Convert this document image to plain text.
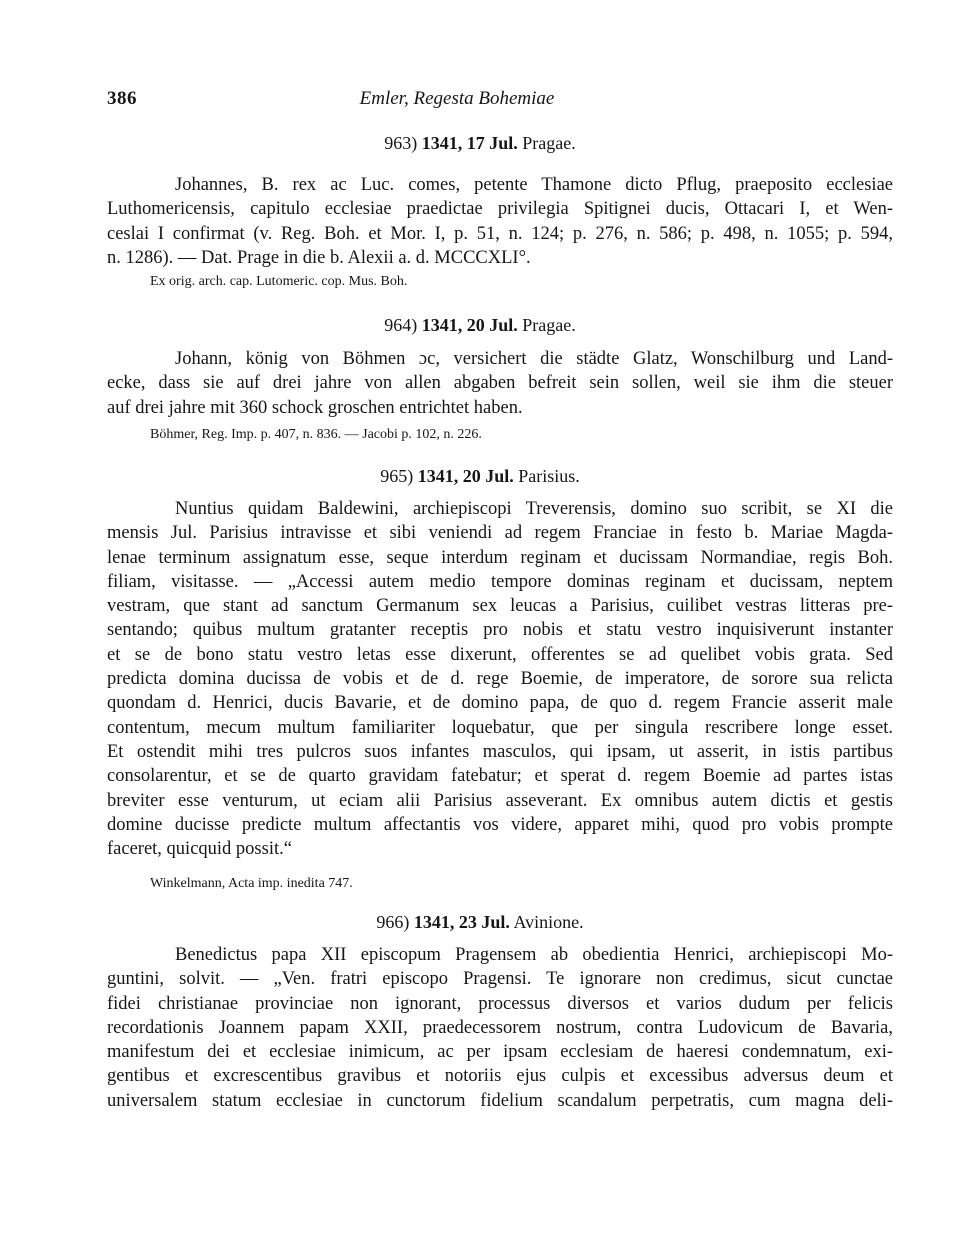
386	Emler, Regesta Bohemiae
963) 1341, 17 Jul. Pragae.
Johannes, B. rex ac Luc. comes, petente Thamone dicto Pflug, praeposito ecclesiae
Luthomericensis, capitulo ecclesiae praedictae privilegia Spitignei ducis, Ottacari I, et Wen-
ceslai I confirmat (v. Reg. Boh. et Mor. I, p. 51, n. 124; p. 276, n. 586; p. 498, n. 1055; p. 594,
n. 1286). — Dat. Prage in die b. Alexii a. d. MCCCXLI°.
Ex orig. arch. cap. Lutomeric. cop. Mus. Boh.
964) 1341, 20 Jul. Pragae.
Johann, könig von Böhmen ɔc, versichert die städte Glatz, Wonschilburg und Land-
ecke, dass sie auf drei jahre von allen abgaben befreit sein sollen, weil sie ihm die steuer
auf drei jahre mit 360 schock groschen entrichtet haben.
Böhmer, Reg. Imp. p. 407, n. 836. — Jacobi p. 102, n. 226.
965) 1341, 20 Jul. Parisius.
Nuntius quidam Baldewini, archiepiscopi Treverensis, domino suo scribit, se XI die
mensis Jul. Parisius intravisse et sibi veniendi ad regem Franciae in festo b. Mariae Magda-
lenae terminum assignatum esse, seque interdum reginam et ducissam Normandiae, regis Boh.
filiam, visitasse. — „Accessi autem medio tempore dominas reginam et ducissam, neptem
vestram, que stant ad sanctum Germanum sex leucas a Parisius, cuilibet vestras litteras pre-
sentando; quibus multum gratanter receptis pro nobis et statu vestro inquisiverunt instanter
et se de bono statu vestro letas esse dixerunt, offerentes se ad quelibet vobis grata. Sed
predicta domina ducissa de vobis et de d. rege Boemie, de imperatore, de sorore sua relicta
quondam d. Henrici, ducis Bavarie, et de domino papa, de quo d. regem Francie asserit male
contentum, mecum multum familiariter loquebatur, que per singula rescribere longe esset.
Et ostendit mihi tres pulcros suos infantes masculos, qui ipsam, ut asserit, in istis partibus
consolarentur, et se de quarto gravidam fatebatur; et sperat d. regem Boemie ad partes istas
breviter esse venturum, ut eciam alii Parisius asseverant. Ex omnibus autem dictis et gestis
domine ducisse predicte multum affectantis vos videre, apparet mihi, quod pro vobis prompte
faceret, quicquid possit.“
Winkelmann, Acta imp. inedita 747.
966) 1341, 23 Jul. Avinione.
Benedictus papa XII episcopum Pragensem ab obedientia Henrici, archiepiscopi Mo-
guntini, solvit. — „Ven. fratri episcopo Pragensi. Te ignorare non credimus, sicut cunctae
fidei christianae provinciae non ignorant, processus diversos et varios dudum per felicis
recordationis Joannem papam XXII, praedecessorem nostrum, contra Ludovicum de Bavaria,
manifestum dei et ecclesiae inimicum, ac per ipsam ecclesiam de haeresi condemnatum, exi-
gentibus et excrescentibus gravibus et notoriis ejus culpis et excessibus adversus deum et
universalem statum ecclesiae in cunctorum fidelium scandalum perpetratis, cum magna deli-
